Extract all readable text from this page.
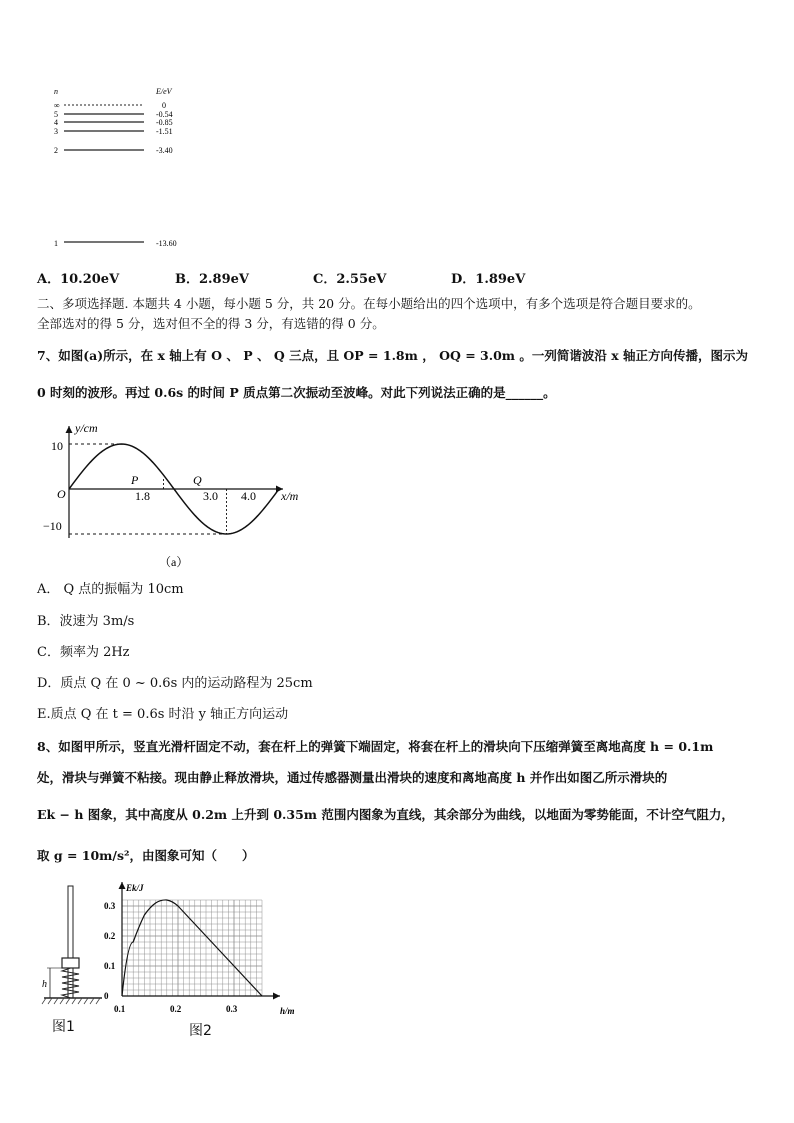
n	E/eV
∞	0
5	-0.54
4	-0.85
3	-1.51
2	-3.40
1	-13.60
A．10.20eV	B．2.89eV	C．2.55eV	D．1.89eV
二、多项选择题. 本题共 4 小题，每小题 5 分，共 20 分。在每小题给出的四个选项中，有多个选项是符合题目要求的。
全部选对的得 5 分，选对但不全的得 3 分，有选错的得 0 分。
7、如图(a)所示，在 x 轴上有 O 、 P 、 Q 三点，且 OP = 1.8m ， OQ = 3.0m 。一列简谐波沿 x 轴正方向传播，图示为
0 时刻的波形。再过 0.6s 的时间 P 质点第二次振动至波峰。对此下列说法正确的是______。
y/cm
x/m
O
10
−10
1.8	3.0 4.0
P	Q
（a）
A． Q 点的振幅为 10cm
B．波速为 3m/s
C．频率为 2Hz
D．质点 Q 在 0 ~ 0.6s 内的运动路程为 25cm
E.质点 Q 在 t = 0.6s 时沿 y 轴正方向运动
8、如图甲所示，竖直光滑杆固定不动，套在杆上的弹簧下端固定，将套在杆上的滑块向下压缩弹簧至离地高度 h = 0.1m
处，滑块与弹簧不粘接。现由静止释放滑块，通过传感器测量出滑块的速度和离地高度 h 并作出如图乙所示滑块的
Ek − h 图象，其中高度从 0.2m 上升到 0.35m 范围内图象为直线，其余部分为曲线，以地面为零势能面，不计空气阻力，
取 g = 10m/s²，由图象可知（　　）
h
图1
Ek/J
h/m
0
0.1
0.2
0.3
0.1	0.2	0.3
图2
